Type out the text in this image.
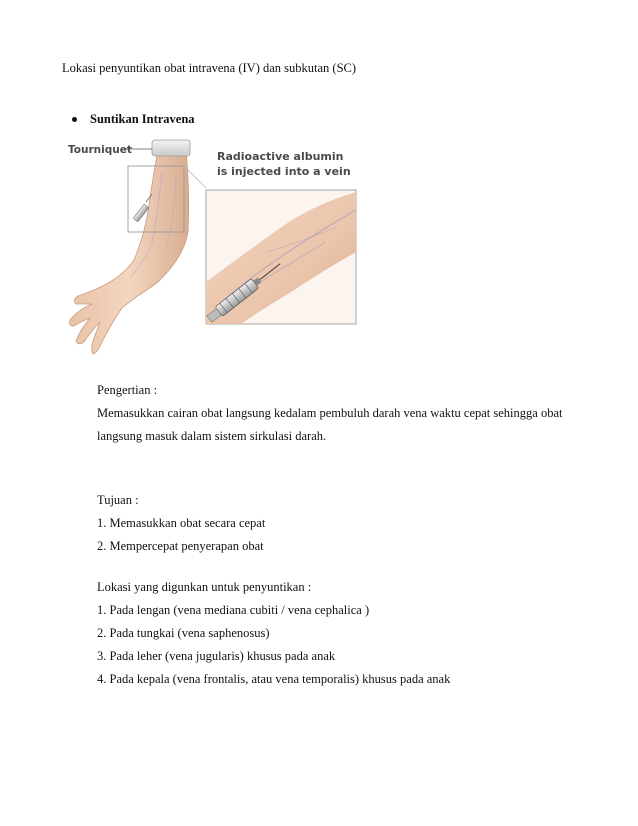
Lokasi penyuntikan obat intravena (IV) dan subkutan (SC)
Suntikan Intravena
Tourniquet	Radioactive albumin
is injected into a vein
Pengertian :
Memasukkan cairan obat langsung kedalam pembuluh darah vena waktu cepat sehingga obat
langsung masuk dalam sistem sirkulasi darah.
Tujuan :
1. Memasukkan obat secara cepat
2. Mempercepat penyerapan obat
Lokasi yang digunkan untuk penyuntikan :
1. Pada lengan (vena mediana cubiti / vena cephalica )
2. Pada tungkai (vena saphenosus)
3. Pada leher (vena jugularis) khusus pada anak
4. Pada kepala (vena frontalis, atau vena temporalis) khusus pada anak
